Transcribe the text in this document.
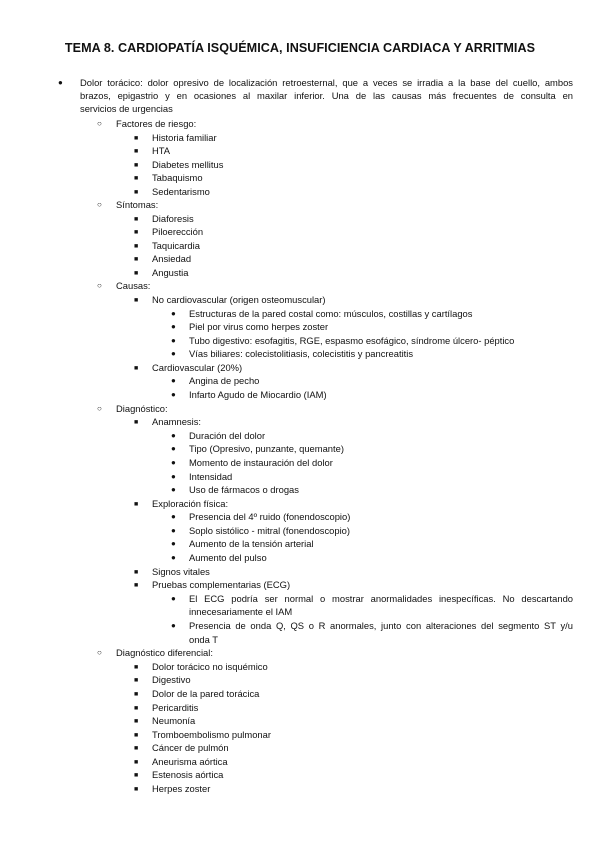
TEMA 8. CARDIOPATÍA ISQUÉMICA, INSUFICIENCIA CARDIACA Y ARRITMIAS
●
Dolor torácico: dolor opresivo de localización retroesternal, que a veces se irradia a la base del cuello, ambos
brazos, epigastrio y en ocasiones al maxilar inferior. Una de las causas más frecuentes de consulta en
servicios de urgencias
○
Factores de riesgo:
■
Historia familiar
■
HTA
■
Diabetes mellitus
■
Tabaquismo
■
Sedentarismo
○
Síntomas:
■
Diaforesis
■
Piloerección
■
Taquicardia
■
Ansiedad
■
Angustia
○
Causas:
■
No cardiovascular (origen osteomuscular)
●
Estructuras de la pared costal como: músculos, costillas y cartílagos
●
Piel por virus como herpes zoster
●
Tubo digestivo: esofagitis, RGE, espasmo esofágico, síndrome úlcero- péptico
●
Vías biliares: colecistolitiasis, colecistitis y pancreatitis
■
Cardiovascular (20%)
●
Angina de pecho
●
Infarto Agudo de Miocardio (IAM)
○
Diagnóstico:
■
Anamnesis:
●
Duración del dolor
●
Tipo (Opresivo, punzante, quemante)
●
Momento de instauración del dolor
●
Intensidad
●
Uso de fármacos o drogas
■
Exploración física:
●
Presencia del 4º ruido (fonendoscopio)
●
Soplo sistólico - mitral (fonendoscopio)
●
Aumento de la tensión arterial
●
Aumento del pulso
■
Signos vitales
■
Pruebas complementarias (ECG)
●
El ECG podría ser normal o mostrar anormalidades inespecíficas. No descartando
innecesariamente el IAM
●
Presencia de onda Q, QS o R anormales, junto con alteraciones del segmento ST y/u
onda T
○
Diagnóstico diferencial:
■
Dolor torácico no isquémico
■
Digestivo
■
Dolor de la pared torácica
■
Pericarditis
■
Neumonía
■
Tromboembolismo pulmonar
■
Cáncer de pulmón
■
Aneurisma aórtica
■
Estenosis aórtica
■
Herpes zoster
